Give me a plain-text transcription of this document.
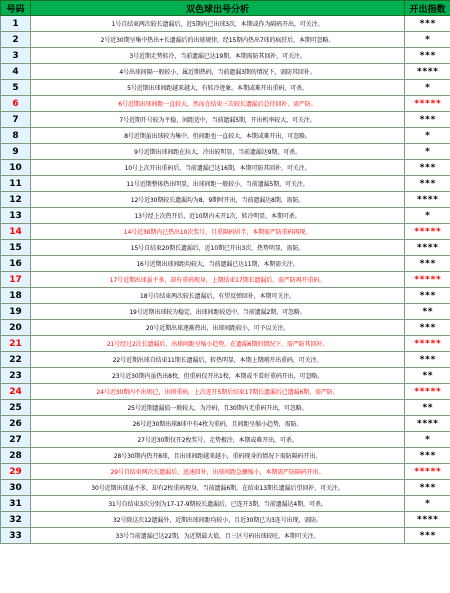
号码	双色球出号分析	开出指数
1	1号自结束两次较长遗漏后，近5期内已出球3次，本期或作为隔码开出，可关注。	***
2	2号近30期呈集中热出+长遗漏后的出球规律，经15期内热出7球的疯狂后，本期可忽略。	*
3	3号近期走势转冷，当前遗漏已达19期，本期需防其回补，可关注。	***
4	4号出球间隔一般较小，属近期热码，当前遗漏3期的情况下，需防其回补。	****
5	5号近期出球间距越来越大，有转冷迹象。本期或难开出重码，可杀。	*
6	6号近期出球间距一直较大，然而在结束三次较长遗漏后总待回补，需严防。	*****
7	7号近期开号较为平稳，间距适中，当前遗漏5期，开出机率较大，可关注。	***
8	8号近期虽出球较为集中，但间距也一直较大，本期或难开出，可忽略。	*
9	9号近期出球间距在拉大，冷出较明显，当前遗漏达9期，可杀。	*
10	10号上次开出重码后，当前遗漏已达16期，本期可防其回补，可关注。	***
11	11号近期整体热出明显，出球间距一般较小，当前遗漏5期，可关注。	***
12	12号近30期较长遗漏均为8、9期时开出，当前遗漏达8期，需防。	****
13	13号经上次热开后，近10期内未开1次，转冷明显，本期可杀。	*
14	14号近30期内已热出10次奖号，且重隔码居半，本期需严防重码再现。	*****
15	15号自结束20期长遗漏后，近10期已开出3次，热势明显，需防。	****
16	16号近期出球间距均较大，当前遗漏已达11期，本期需关注。	***
17	17号近期出球虽不多，却有重码现身，上期结束17期长遗漏后，需严防再开重码。	*****
18	18号自结束两次较长遗漏后，有望反弹回补，本期可关注。	***
19	19号近期出球较为稳定，出球间距较适中，当前遗漏2期，可忽略。	**
20	20号近期出球逐渐热出，出球间距较小，可予以关注。	***
21	21号经过2次长遗漏后，出球间距呈缩小趋势，在遗漏6期的情况下，需严防其回补。	*****
22	22号近期出球自结束11期长遗漏后，转热明显，本期上期刚开出重码，可关注。	***
23	23号近30期内虽热出8枚，但重码仅开出1枚，本期或不看好重码开出，可忽略。	**
24	24号近30期内不出则已，出则重码，上次连开5期后结束17期长遗漏后已遗漏6期，需严防。	*****
25	25号近期遗漏值一般较大，为冷码，且30期内无重码开出，可忽略。	**
26	26号近30期出球8球中有4枚为重码，且间距呈缩小趋势，需防。	****
27	27号近30期仅开2枚奖号，走势极冷，本期或难开出，可杀。	*
28	28号30期内热开8球，且出球间距越来越小，重码现身的情况下需防隔码开出。	***
29	29号自结束两次长遗漏后，迅速回补，出球间距急骤缩小，本期需严防隔码开出。	*****
30	30号近期出球虽不多，却有2枚重码现身，当前遗漏6期，在结束13期长遗漏后望回补，可关注。	***
31	31号自结束3次分别为17-17-9期较长遗漏后，已连开3期，当前遗漏达4期，可杀。	*
32	32号除这次12遗漏外，近期出球间距均较小，且近30期已为3连号出现，需防。	****
33	33号当前遗漏已达22期，为近期最大值，且三区号码出球较旺，本期可关注。	***
